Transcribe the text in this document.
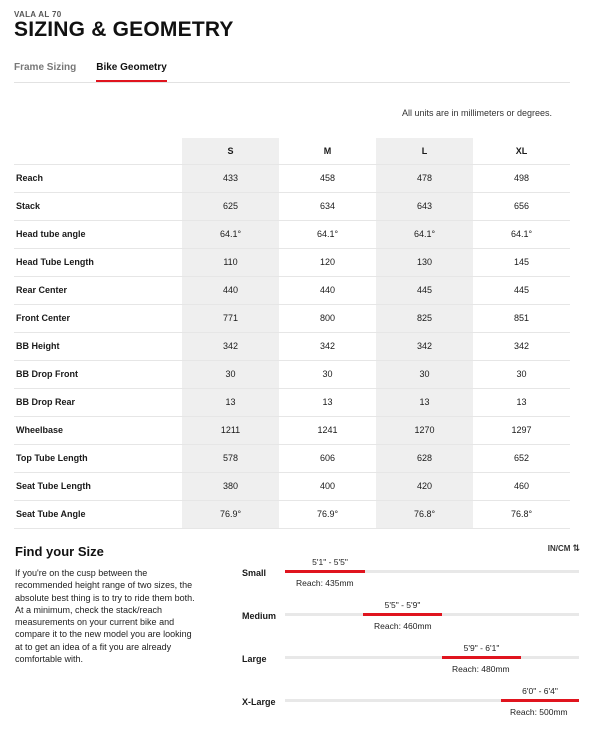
VALA AL 70
SIZING & GEOMETRY
Frame Sizing Bike Geometry
All units are in millimeters or degrees.
	S	M	L	XL
Reach	433	458	478	498
Stack	625	634	643	656
Head tube angle	64.1°	64.1°	64.1°	64.1°
Head Tube Length	110	120	130	145
Rear Center	440	440	445	445
Front Center	771	800	825	851
BB Height	342	342	342	342
BB Drop Front	30	30	30	30
BB Drop Rear	13	13	13	13
Wheelbase	1211	1241	1270	1297
Top Tube Length	578	606	628	652
Seat Tube Length	380	400	420	460
Seat Tube Angle	76.9°	76.9°	76.8°	76.8°
Find your Size

If you're on the cusp between the recommended height range of two sizes, the absolute best thing is to try to ride them both. At a minimum, check the stack/reach measurements on your current bike and compare it to the new model you are looking at to get an idea of a fit you are already comfortable with.

IN/CM ⇅
Small
5'1" - 5'5"
Reach: 435mm
Medium
5'5" - 5'9"
Reach: 460mm
Large
5'9" - 6'1"
Reach: 480mm
X-Large
6'0" - 6'4"
Reach: 500mm
